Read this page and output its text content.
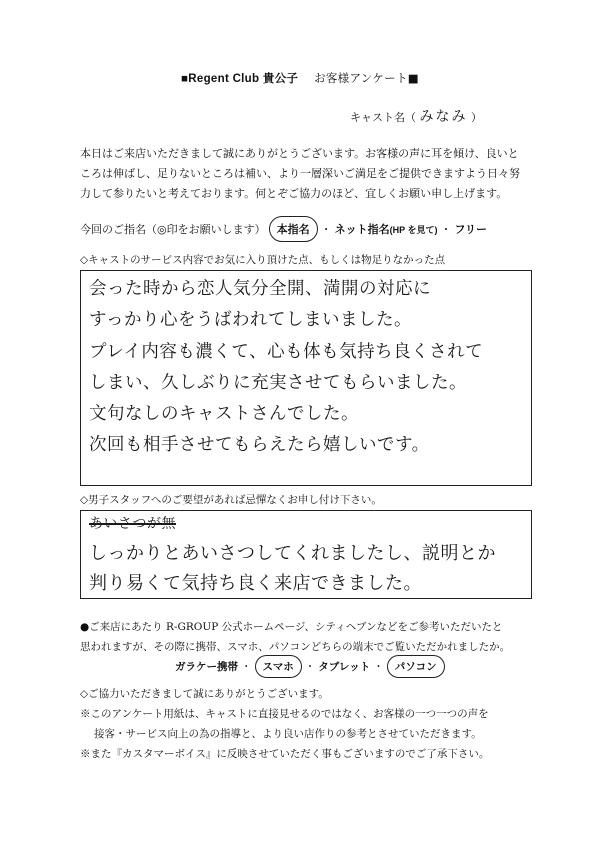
■Regent Club 貴公子 お客様アンケート■
キャスト名（ みなみ ）
本日はご来店いただきまして誠にありがとうございます。お客様の声に耳を傾け、良いと
ころは伸ばし、足りないところは補い、より一層深いご満足をご提供できますよう日々努
力して参りたいと考えております。何とぞご協力のほど、宜しくお願い申し上げます。
今回のご指名（◎印をお願いします）	本指名	・ ネット指名(HP を見て) ・ フリー
◇キャストのサービス内容でお気に入り頂けた点、もしくは物足りなかった点
会った時から恋人気分全開、満開の対応に
すっかり心をうばわれてしまいました。
プレイ内容も濃くて、心も体も気持ち良くされて
しまい、久しぶりに充実させてもらいました。
文句なしのキャストさんでした。
次回も相手させてもらえたら嬉しいです。
◇男子スタッフへのご要望があれば忌憚なくお申し付け下さい。
あいさつが無
しっかりとあいさつしてくれましたし、説明とか
判り易くて気持ち良く来店できました。
●ご来店にあたり R-GROUP 公式ホームページ、シティヘブンなどをご参考いただいたと
思われますが、その際に携帯、スマホ、パソコンどちらの端末でご覧いただかれましたか。
ガラケー携帯 ・	スマホ	・ タブレット ・	パソコン
◇ご協力いただきまして誠にありがとうございます。
※このアンケート用紙は、キャストに直接見せるのではなく、お客様の一つ一つの声を
接客・サービス向上の為の指導と、より良い店作りの参考とさせていただきます。
※また『カスタマーボイス』に反映させていただく事もございますのでご了承下さい。
